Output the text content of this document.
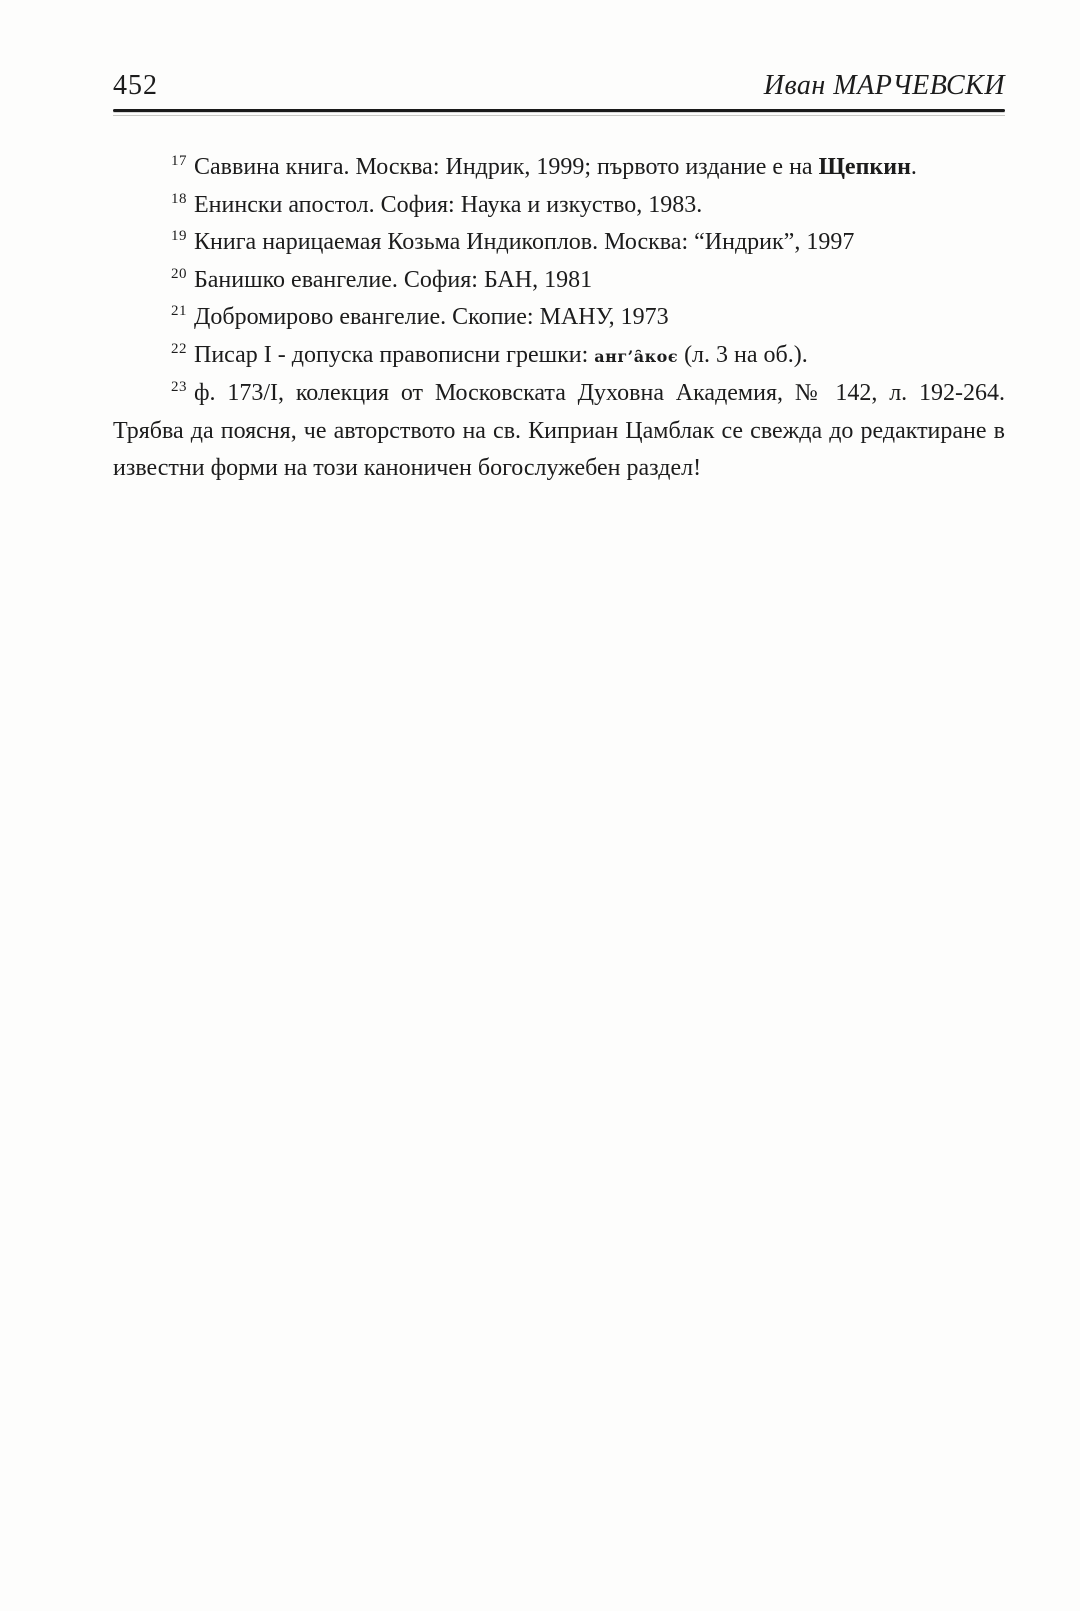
452	Иван МАРЧЕВСКИ

$^{17}$ Саввина книга. Москва: Индрик, 1999; първото издание е на Щепкин.

$^{18}$ Енински апостол. София: Наука и изкуство, 1983.

$^{19}$ Книга нарицаемая Козьма Индикоплов. Москва: “Индрик”, 1997

$^{20}$ Банишко евангелие. София: БАН, 1981

$^{21}$ Добромирово евангелие. Скопие: МАНУ, 1973

$^{22}$ Писар I - допуска правописни грешки: анг’а̑коє (л. 3 на об.).

$^{23}$ ф. 173/I, колекция от Московската Духовна Академия, № 142, л. 192-264. Трябва да поясня, че авторството на св. Киприан Цамблак се свежда до редактиране в известни форми на този каноничен богослужебен раздел!
